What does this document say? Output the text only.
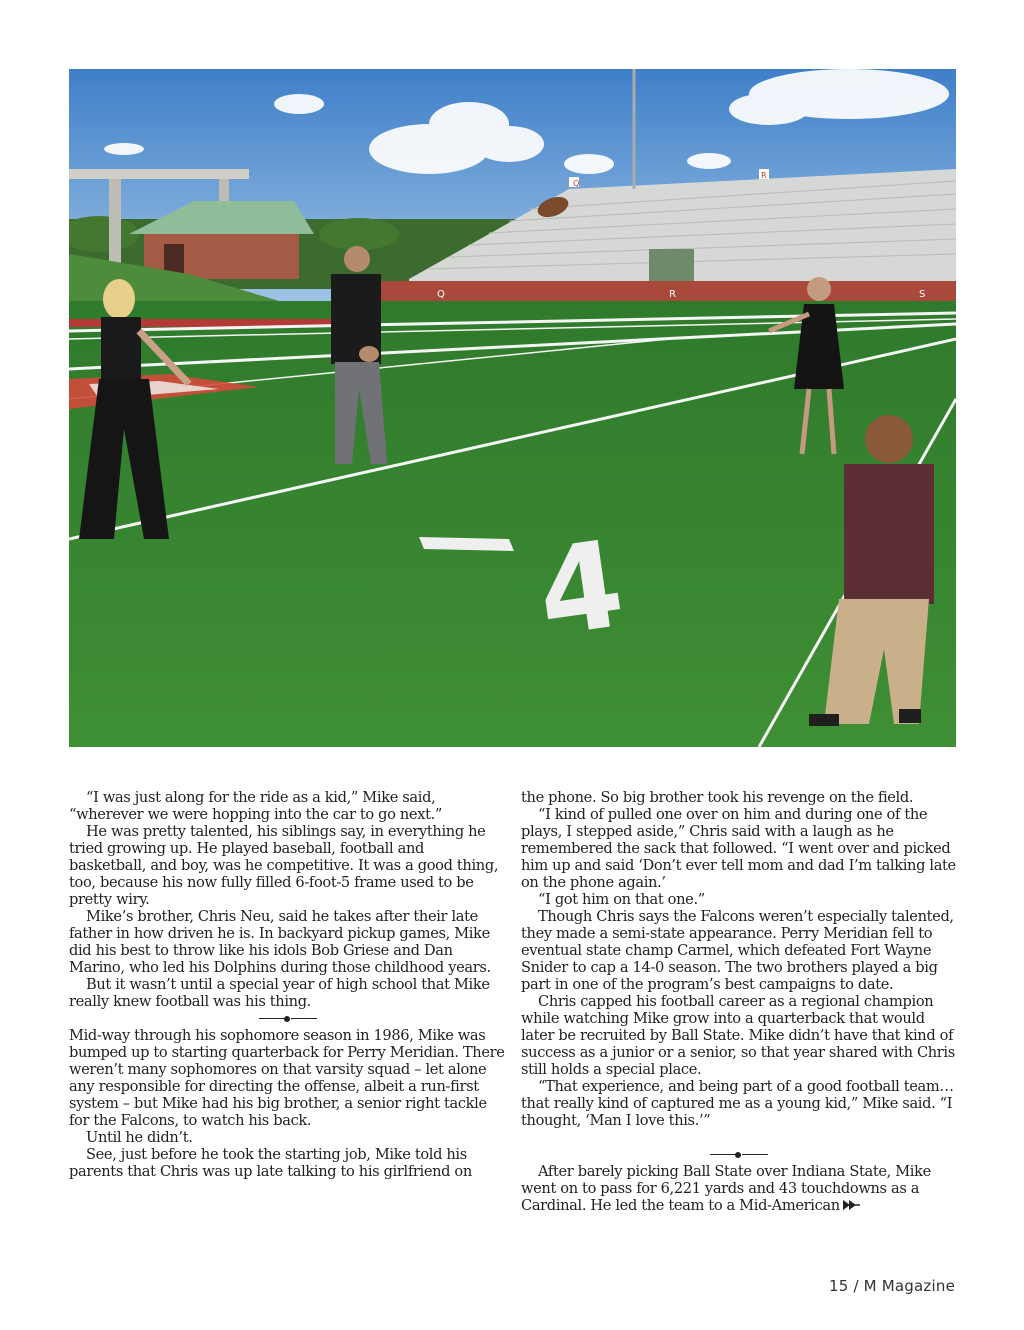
Q	R	S
Q
R
4

“I was just along for the ride as a kid,” Mike said, “wherever we were hopping into the car to go next.”

He was pretty talented, his siblings say, in everything he tried growing up. He played baseball, football and basketball, and boy, was he competitive. It was a good thing, too, because his now fully filled 6-foot-5 frame used to be pretty wiry.

Mike’s brother, Chris Neu, said he takes after their late father in how driven he is. In backyard pickup games, Mike did his best to throw like his idols Bob Griese and Dan Marino, who led his Dolphins during those childhood years.

But it wasn’t until a special year of high school that Mike really knew football was his thing.

Mid-way through his sophomore season in 1986, Mike was bumped up to starting quarterback for Perry Meridian. There weren’t many sophomores on that varsity squad – let alone any responsible for directing the offense, albeit a run-first system – but Mike had his big brother, a senior right tackle for the Falcons, to watch his back.

Until he didn’t.

See, just before he took the starting job, Mike told his parents that Chris was up late talking to his girlfriend on

the phone. So big brother took his revenge on the field.

“I kind of pulled one over on him and during one of the plays, I stepped aside,” Chris said with a laugh as he remembered the sack that followed. “I went over and picked him up and said ‘Don’t ever tell mom and dad I’m talking late on the phone again.’

“I got him on that one.”

Though Chris says the Falcons weren’t especially talented, they made a semi-state appearance. Perry Meridian fell to eventual state champ Carmel, which defeated Fort Wayne Snider to cap a 14-0 season. The two brothers played a big part in one of the program’s best campaigns to date.

Chris capped his football career as a regional champion while watching Mike grow into a quarterback that would later be recruited by Ball State. Mike didn’t have that kind of success as a junior or a senior, so that year shared with Chris still holds a special place.

“That experience, and being part of a good football team… that really kind of captured me as a young kid,” Mike said. “I thought, ‘Man I love this.’”

After barely picking Ball State over Indiana State, Mike went on to pass for 6,221 yards and 43 touchdowns as a Cardinal. He led the team to a Mid-American

15 / M Magazine
